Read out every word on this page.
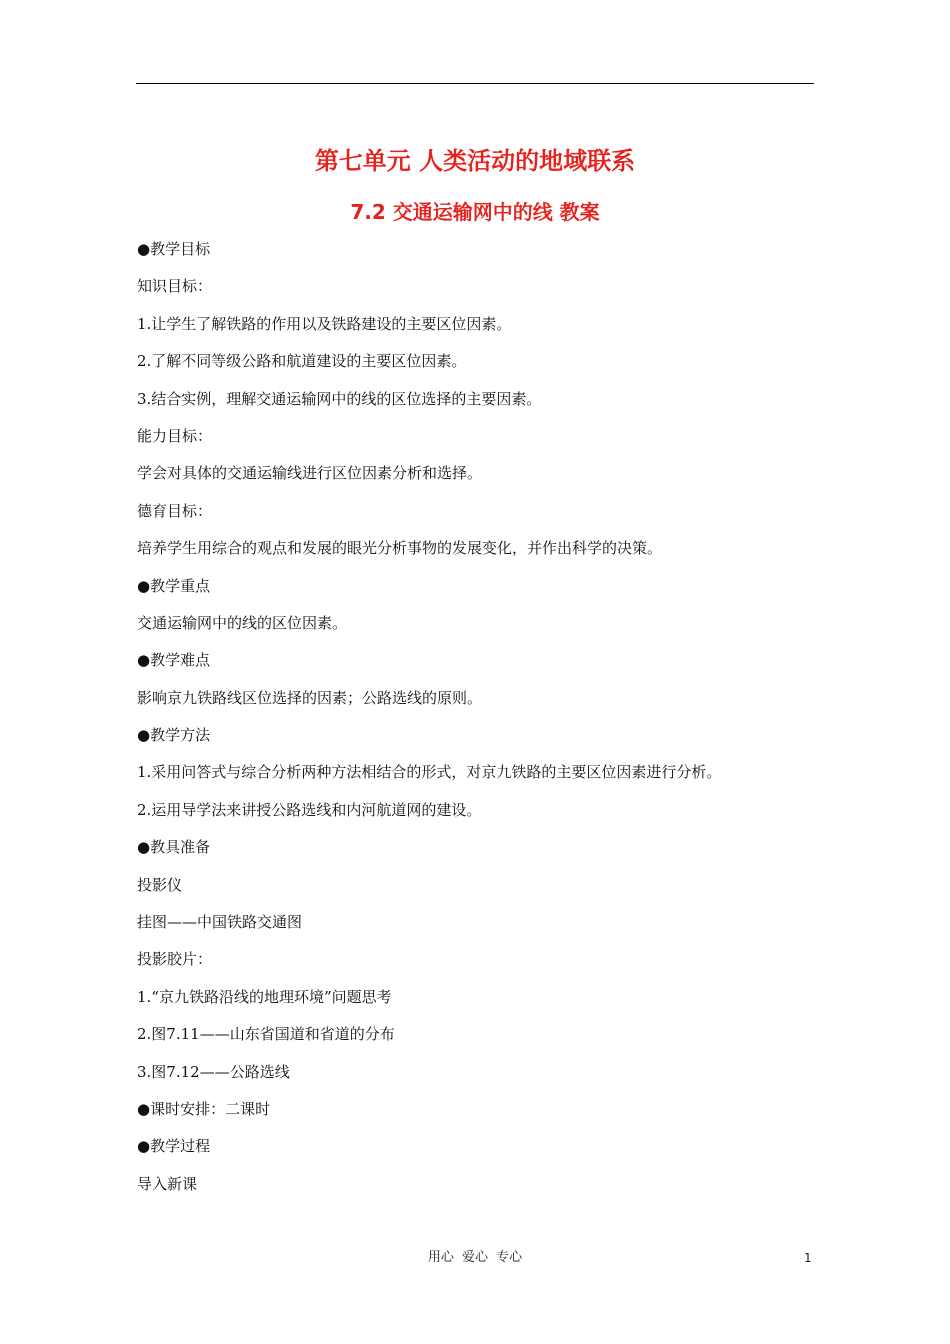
第七单元 人类活动的地域联系
7.2 交通运输网中的线 教案
●教学目标
知识目标：
1.让学生了解铁路的作用以及铁路建设的主要区位因素。
2.了解不同等级公路和航道建设的主要区位因素。
3.结合实例，理解交通运输网中的线的区位选择的主要因素。
能力目标：
学会对具体的交通运输线进行区位因素分析和选择。
德育目标：
培养学生用综合的观点和发展的眼光分析事物的发展变化，并作出科学的决策。
●教学重点
交通运输网中的线的区位因素。
●教学难点
影响京九铁路线区位选择的因素；公路选线的原则。
●教学方法
1.采用问答式与综合分析两种方法相结合的形式，对京九铁路的主要区位因素进行分析。
2.运用导学法来讲授公路选线和内河航道网的建设。
●教具准备
投影仪
挂图——中国铁路交通图
投影胶片：
1.“京九铁路沿线的地理环境”问题思考
2.图7.11——山东省国道和省道的分布
3.图7.12——公路选线
●课时安排：二课时
●教学过程
导入新课
用心 爱心 专心	1
